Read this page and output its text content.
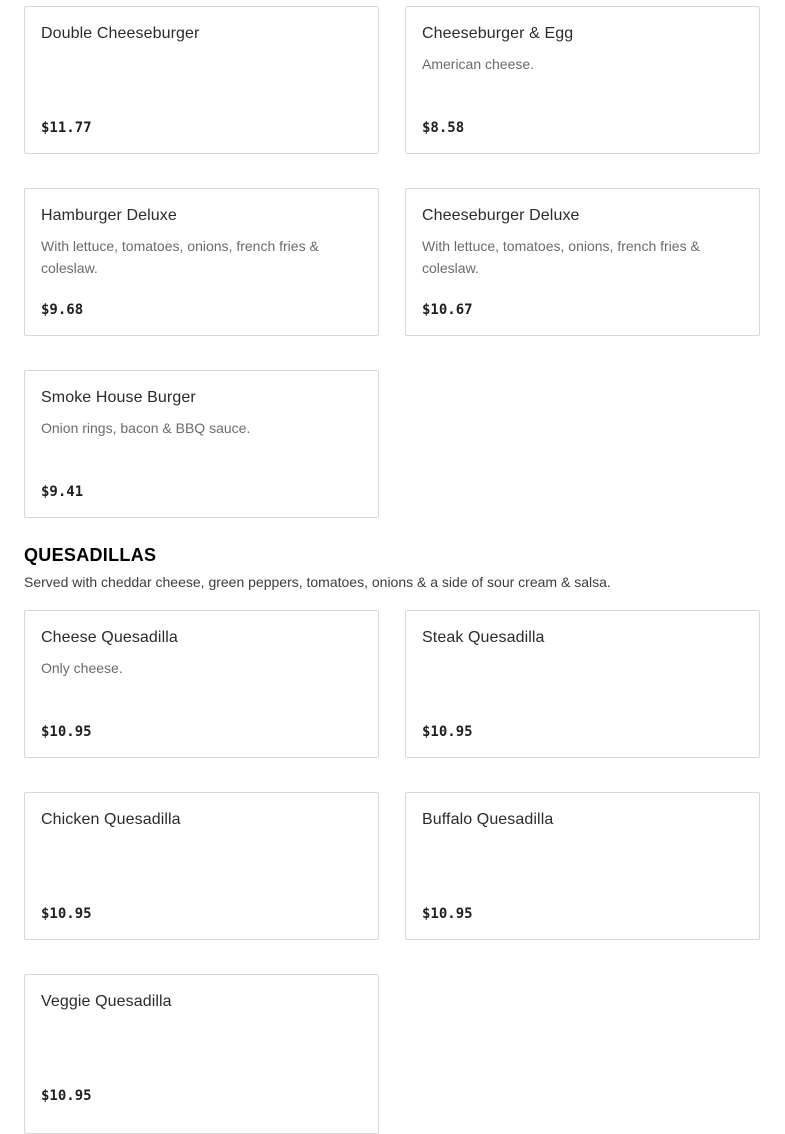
Double Cheeseburger
$11.77
Cheeseburger & Egg
American cheese.
$8.58
Hamburger Deluxe
With lettuce, tomatoes, onions, french fries & coleslaw.
$9.68
Cheeseburger Deluxe
With lettuce, tomatoes, onions, french fries & coleslaw.
$10.67
Smoke House Burger
Onion rings, bacon & BBQ sauce.
$9.41
QUESADILLAS
Served with cheddar cheese, green peppers, tomatoes, onions & a side of sour cream & salsa.
Cheese Quesadilla
Only cheese.
$10.95
Steak Quesadilla
$10.95
Chicken Quesadilla
$10.95
Buffalo Quesadilla
$10.95
Veggie Quesadilla
$10.95
